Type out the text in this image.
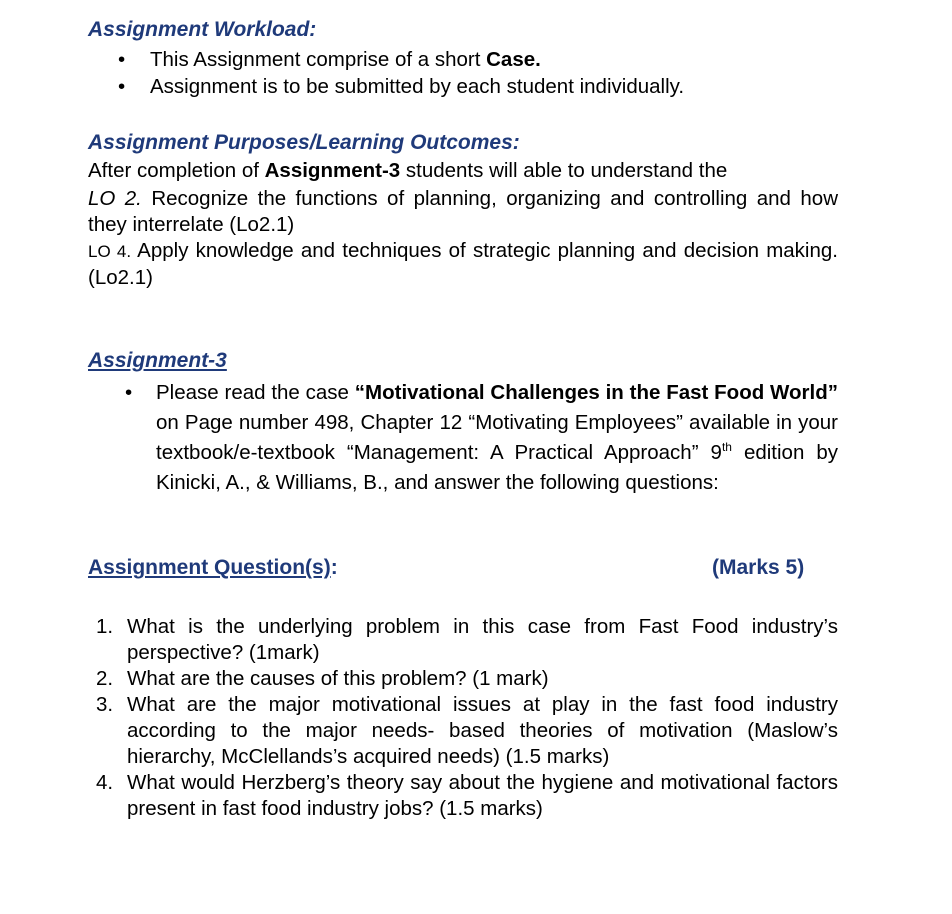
Assignment Workload:
• This Assignment comprise of a short Case.
• Assignment is to be submitted by each student individually.
Assignment Purposes/Learning Outcomes:
After completion of Assignment-3 students will able to understand the
LO 2. Recognize the functions of planning, organizing and controlling and how they interrelate (Lo2.1)
LO 4. Apply knowledge and techniques of strategic planning and decision making. (Lo2.1)
Assignment-3
• Please read the case “Motivational Challenges in the Fast Food World” on Page number 498, Chapter 12 “Motivating Employees” available in your textbook/e-textbook “Management: A Practical Approach” 9th edition by Kinicki, A., & Williams, B., and answer the following questions:
Assignment Question(s):	(Marks 5)
1. What is the underlying problem in this case from Fast Food industry’s perspective? (1mark)
2. What are the causes of this problem? (1 mark)
3. What are the major motivational issues at play in the fast food industry according to the major needs- based theories of motivation (Maslow’s hierarchy, McClellands’s acquired needs) (1.5 marks)
4. What would Herzberg’s theory say about the hygiene and motivational factors present in fast food industry jobs? (1.5 marks)
